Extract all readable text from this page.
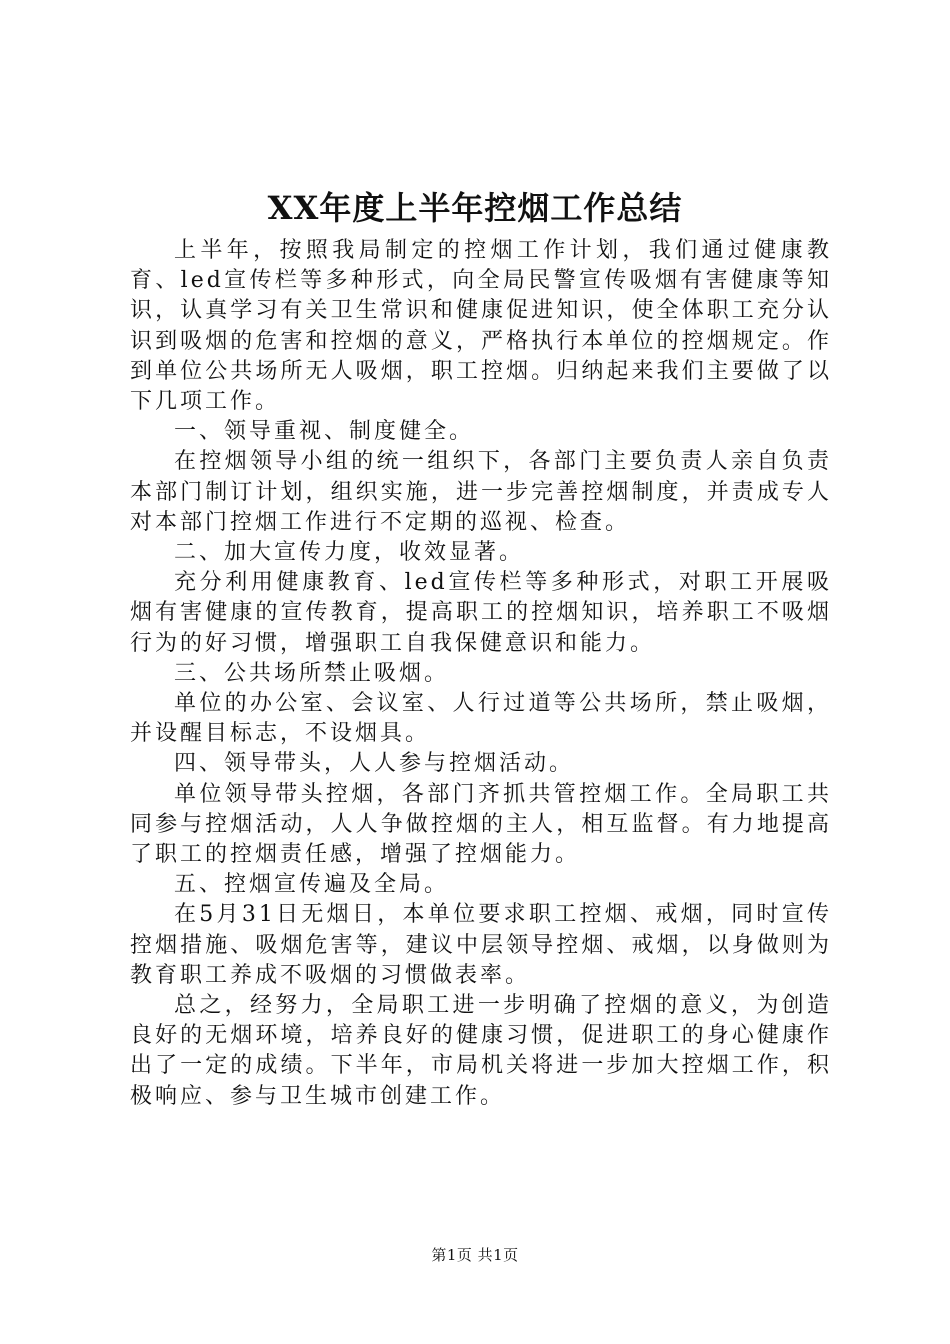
XX年度上半年控烟工作总结

上半年，按照我局制定的控烟工作计划，我们通过健康教育、led宣传栏等多种形式，向全局民警宣传吸烟有害健康等知识，认真学习有关卫生常识和健康促进知识，使全体职工充分认识到吸烟的危害和控烟的意义，严格执行本单位的控烟规定。作到单位公共场所无人吸烟，职工控烟。归纳起来我们主要做了以下几项工作。

一、领导重视、制度健全。

在控烟领导小组的统一组织下，各部门主要负责人亲自负责本部门制订计划，组织实施，进一步完善控烟制度，并责成专人对本部门控烟工作进行不定期的巡视、检查。

二、加大宣传力度，收效显著。

充分利用健康教育、led宣传栏等多种形式，对职工开展吸烟有害健康的宣传教育，提高职工的控烟知识，培养职工不吸烟行为的好习惯，增强职工自我保健意识和能力。

三、公共场所禁止吸烟。

单位的办公室、会议室、人行过道等公共场所，禁止吸烟，并设醒目标志，不设烟具。

四、领导带头，人人参与控烟活动。

单位领导带头控烟，各部门齐抓共管控烟工作。全局职工共同参与控烟活动，人人争做控烟的主人，相互监督。有力地提高了职工的控烟责任感，增强了控烟能力。

五、控烟宣传遍及全局。

在5月31日无烟日，本单位要求职工控烟、戒烟，同时宣传控烟措施、吸烟危害等，建议中层领导控烟、戒烟，以身做则为教育职工养成不吸烟的习惯做表率。

总之，经努力，全局职工进一步明确了控烟的意义，为创造良好的无烟环境，培养良好的健康习惯，促进职工的身心健康作出了一定的成绩。下半年，市局机关将进一步加大控烟工作，积极响应、参与卫生城市创建工作。

第1页 共1页
